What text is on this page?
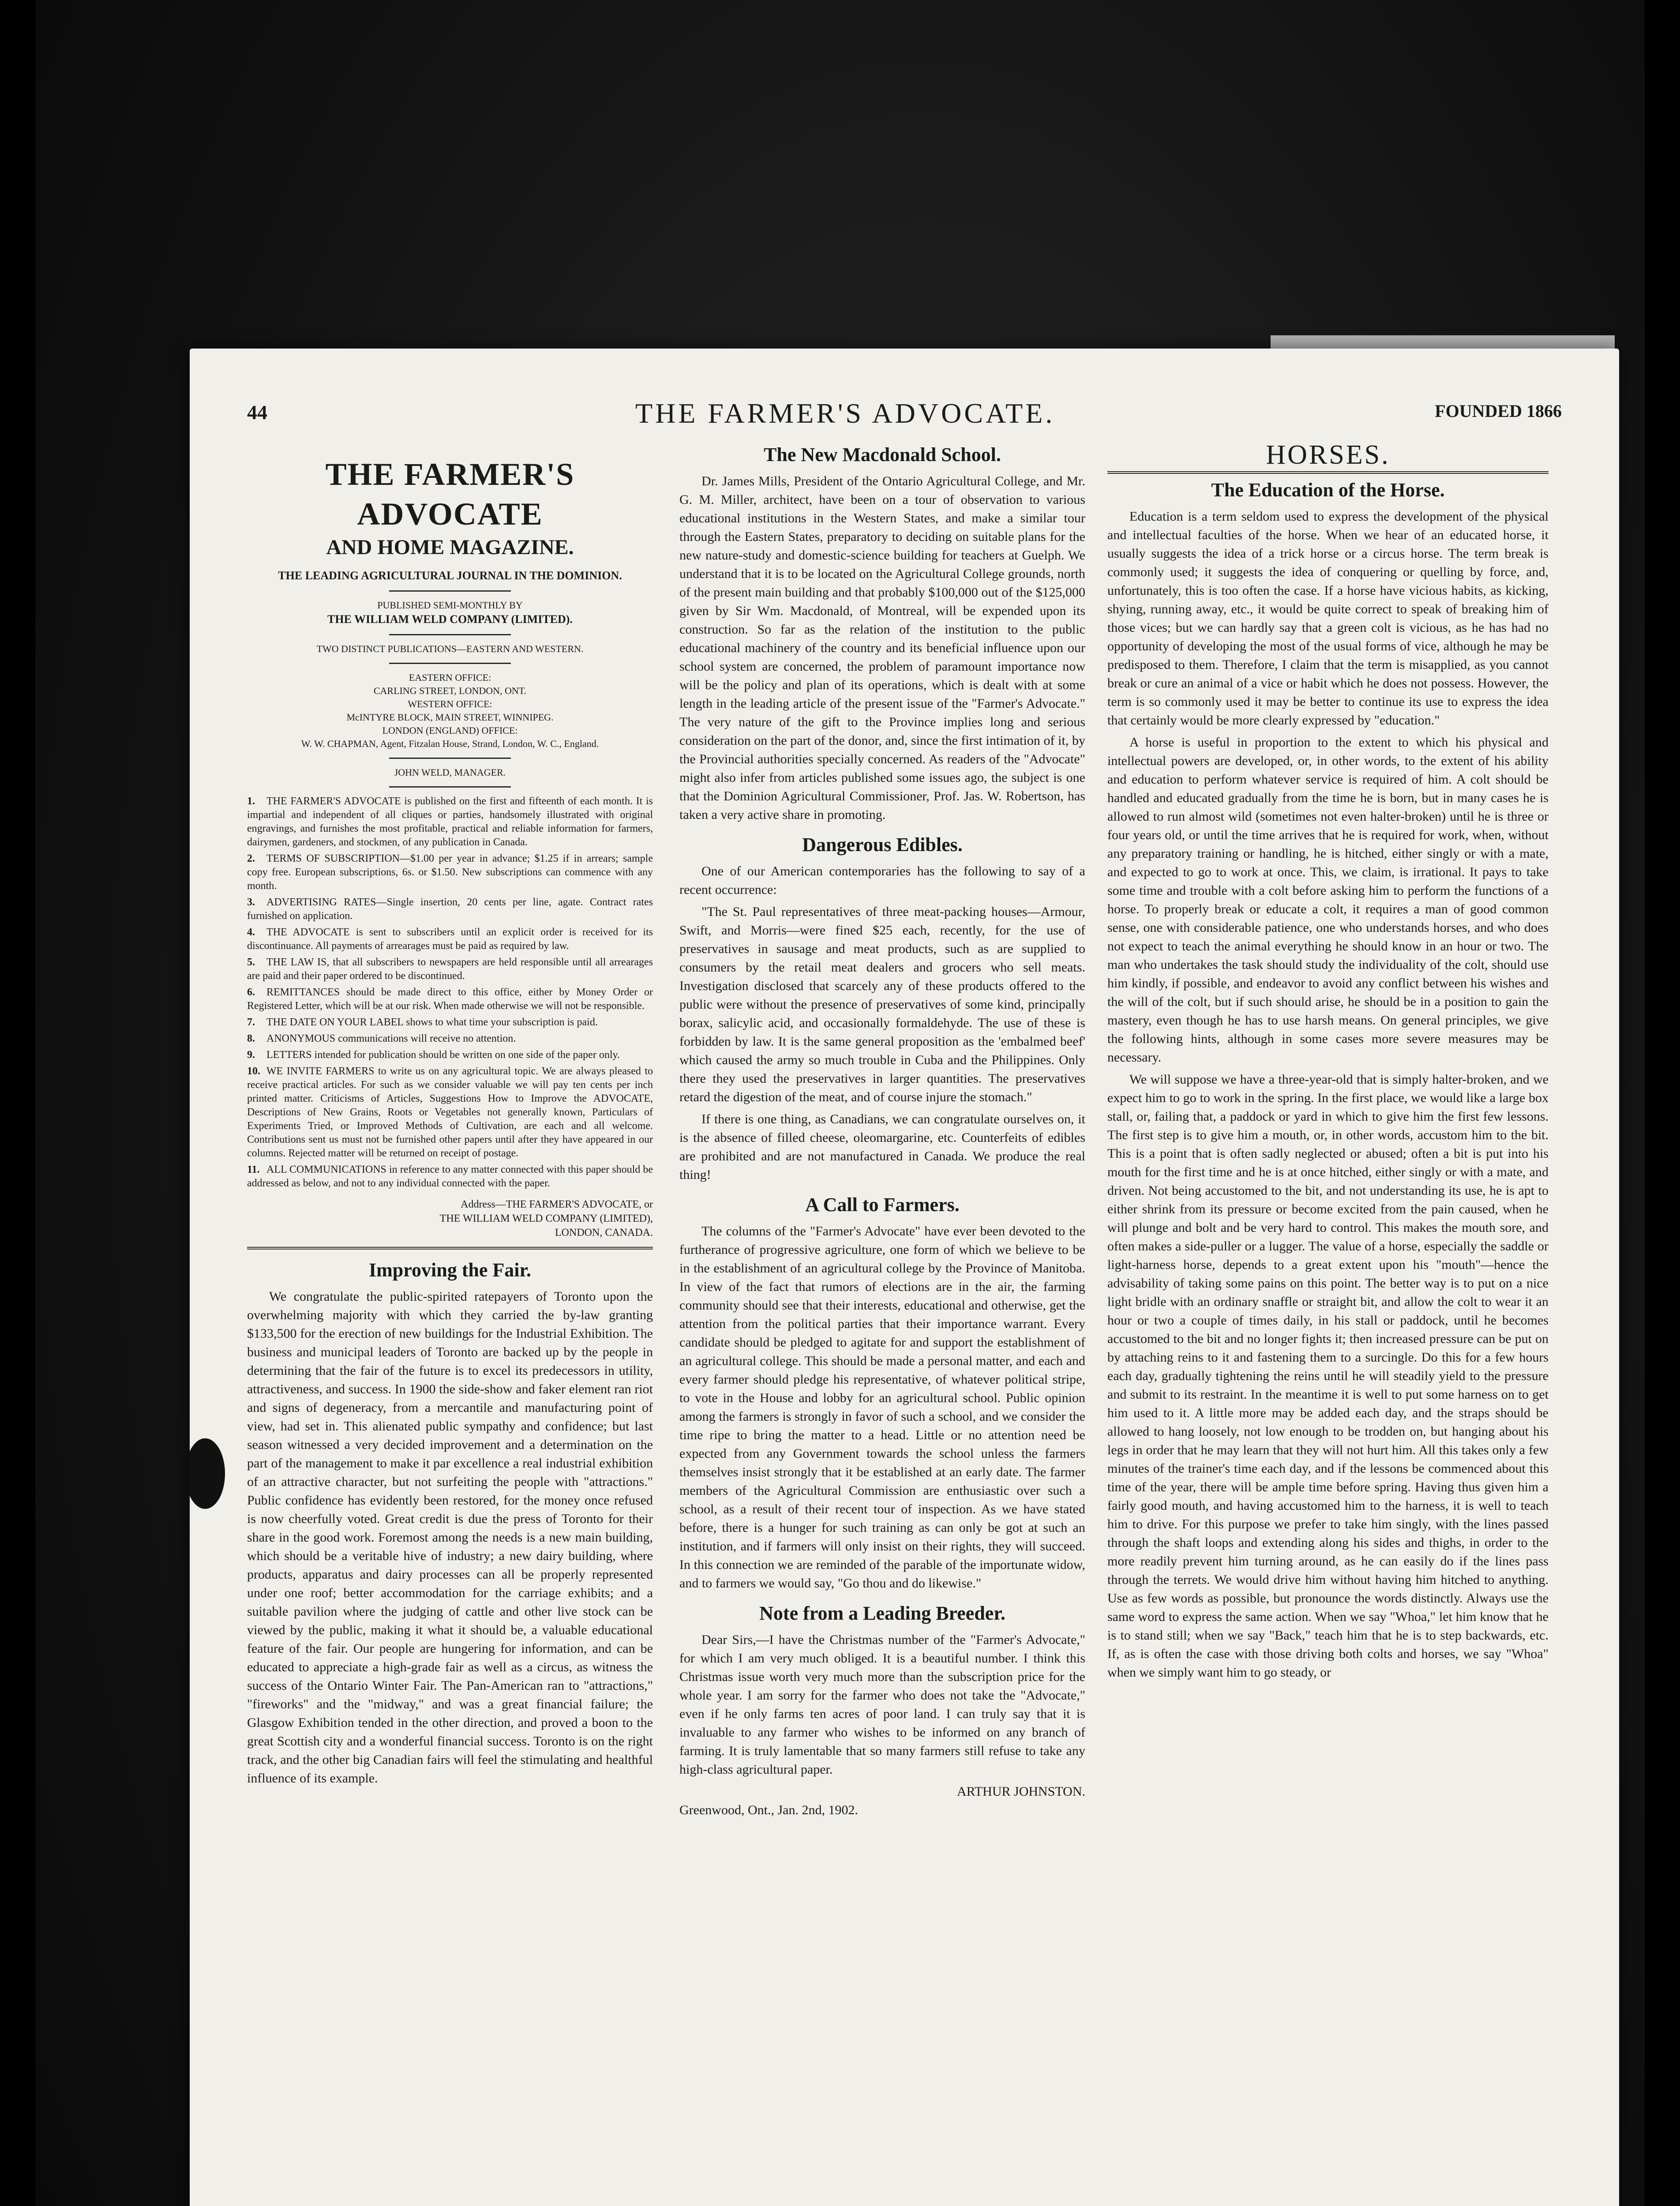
44	THE FARMER'S ADVOCATE.	FOUNDED 1866
THE FARMER'S ADVOCATE
AND HOME MAGAZINE.
THE LEADING AGRICULTURAL JOURNAL IN THE DOMINION.
PUBLISHED SEMI-MONTHLY BY
THE WILLIAM WELD COMPANY (LIMITED).
TWO DISTINCT PUBLICATIONS—EASTERN AND WESTERN.
EASTERN OFFICE:
CARLING STREET, LONDON, ONT.
WESTERN OFFICE:
McINTYRE BLOCK, MAIN STREET, WINNIPEG.
LONDON (ENGLAND) OFFICE:
W. W. CHAPMAN, Agent, Fitzalan House, Strand, London, W. C., England.
JOHN WELD, MANAGER.
1. THE FARMER'S ADVOCATE is published on the first and fifteenth of each month. It is impartial and independent of all cliques or parties, handsomely illustrated with original engravings, and furnishes the most profitable, practical and reliable information for farmers, dairymen, gardeners, and stockmen, of any publication in Canada.
2. TERMS OF SUBSCRIPTION—$1.00 per year in advance; $1.25 if in arrears; sample copy free. European subscriptions, 6s. or $1.50. New subscriptions can commence with any month.
3. ADVERTISING RATES—Single insertion, 20 cents per line, agate. Contract rates furnished on application.
4. THE ADVOCATE is sent to subscribers until an explicit order is received for its discontinuance. All payments of arrearages must be paid as required by law.
5. THE LAW IS, that all subscribers to newspapers are held responsible until all arrearages are paid and their paper ordered to be discontinued.
6. REMITTANCES should be made direct to this office, either by Money Order or Registered Letter, which will be at our risk. When made otherwise we will not be responsible.
7. THE DATE ON YOUR LABEL shows to what time your subscription is paid.
8. ANONYMOUS communications will receive no attention.
9. LETTERS intended for publication should be written on one side of the paper only.
10. WE INVITE FARMERS to write us on any agricultural topic. We are always pleased to receive practical articles. For such as we consider valuable we will pay ten cents per inch printed matter. Criticisms of Articles, Suggestions How to Improve the ADVOCATE, Descriptions of New Grains, Roots or Vegetables not generally known, Particulars of Experiments Tried, or Improved Methods of Cultivation, are each and all welcome. Contributions sent us must not be furnished other papers until after they have appeared in our columns. Rejected matter will be returned on receipt of postage.
11. ALL COMMUNICATIONS in reference to any matter connected with this paper should be addressed as below, and not to any individual connected with the paper.
Address—THE FARMER'S ADVOCATE, or
THE WILLIAM WELD COMPANY (LIMITED),
LONDON, CANADA.
Improving the Fair.

We congratulate the public-spirited ratepayers of Toronto upon the overwhelming majority with which they carried the by-law granting $133,500 for the erection of new buildings for the Industrial Exhibition. The business and municipal leaders of Toronto are backed up by the people in determining that the fair of the future is to excel its predecessors in utility, attractiveness, and success. In 1900 the side-show and faker element ran riot and signs of degeneracy, from a mercantile and manufacturing point of view, had set in. This alienated public sympathy and confidence; but last season witnessed a very decided improvement and a determination on the part of the management to make it par excellence a real industrial exhibition of an attractive character, but not surfeiting the people with "attractions." Public confidence has evidently been restored, for the money once refused is now cheerfully voted. Great credit is due the press of Toronto for their share in the good work. Foremost among the needs is a new main building, which should be a veritable hive of industry; a new dairy building, where products, apparatus and dairy processes can all be properly represented under one roof; better accommodation for the carriage exhibits; and a suitable pavilion where the judging of cattle and other live stock can be viewed by the public, making it what it should be, a valuable educational feature of the fair. Our people are hungering for information, and can be educated to appreciate a high-grade fair as well as a circus, as witness the success of the Ontario Winter Fair. The Pan-American ran to "attractions," "fireworks" and the "midway," and was a great financial failure; the Glasgow Exhibition tended in the other direction, and proved a boon to the great Scottish city and a wonderful financial success. Toronto is on the right track, and the other big Canadian fairs will feel the stimulating and healthful influence of its example.

The New Macdonald School.

Dr. James Mills, President of the Ontario Agricultural College, and Mr. G. M. Miller, architect, have been on a tour of observation to various educational institutions in the Western States, and make a similar tour through the Eastern States, preparatory to deciding on suitable plans for the new nature-study and domestic-science building for teachers at Guelph. We understand that it is to be located on the Agricultural College grounds, north of the present main building and that probably $100,000 out of the $125,000 given by Sir Wm. Macdonald, of Montreal, will be expended upon its construction. So far as the relation of the institution to the public educational machinery of the country and its beneficial influence upon our school system are concerned, the problem of paramount importance now will be the policy and plan of its operations, which is dealt with at some length in the leading article of the present issue of the "Farmer's Advocate." The very nature of the gift to the Province implies long and serious consideration on the part of the donor, and, since the first intimation of it, by the Provincial authorities specially concerned. As readers of the "Advocate" might also infer from articles published some issues ago, the subject is one that the Dominion Agricultural Commissioner, Prof. Jas. W. Robertson, has taken a very active share in promoting.

Dangerous Edibles.

One of our American contemporaries has the following to say of a recent occurrence:

"The St. Paul representatives of three meat-packing houses—Armour, Swift, and Morris—were fined $25 each, recently, for the use of preservatives in sausage and meat products, such as are supplied to consumers by the retail meat dealers and grocers who sell meats. Investigation disclosed that scarcely any of these products offered to the public were without the presence of preservatives of some kind, principally borax, salicylic acid, and occasionally formaldehyde. The use of these is forbidden by law. It is the same general proposition as the 'embalmed beef' which caused the army so much trouble in Cuba and the Philippines. Only there they used the preservatives in larger quantities. The preservatives retard the digestion of the meat, and of course injure the stomach."

If there is one thing, as Canadians, we can congratulate ourselves on, it is the absence of filled cheese, oleomargarine, etc. Counterfeits of edibles are prohibited and are not manufactured in Canada. We produce the real thing!

A Call to Farmers.

The columns of the "Farmer's Advocate" have ever been devoted to the furtherance of progressive agriculture, one form of which we believe to be in the establishment of an agricultural college by the Province of Manitoba. In view of the fact that rumors of elections are in the air, the farming community should see that their interests, educational and otherwise, get the attention from the political parties that their importance warrant. Every candidate should be pledged to agitate for and support the establishment of an agricultural college. This should be made a personal matter, and each and every farmer should pledge his representative, of whatever political stripe, to vote in the House and lobby for an agricultural school. Public opinion among the farmers is strongly in favor of such a school, and we consider the time ripe to bring the matter to a head. Little or no attention need be expected from any Government towards the school unless the farmers themselves insist strongly that it be established at an early date. The farmer members of the Agricultural Commission are enthusiastic over such a school, as a result of their recent tour of inspection. As we have stated before, there is a hunger for such training as can only be got at such an institution, and if farmers will only insist on their rights, they will succeed. In this connection we are reminded of the parable of the importunate widow, and to farmers we would say, "Go thou and do likewise."

Note from a Leading Breeder.

Dear Sirs,—I have the Christmas number of the "Farmer's Advocate," for which I am very much obliged. It is a beautiful number. I think this Christmas issue worth very much more than the subscription price for the whole year. I am sorry for the farmer who does not take the "Advocate," even if he only farms ten acres of poor land. I can truly say that it is invaluable to any farmer who wishes to be informed on any branch of farming. It is truly lamentable that so many farmers still refuse to take any high-class agricultural paper.

ARTHUR JOHNSTON.
Greenwood, Ont., Jan. 2nd, 1902.
HORSES.
The Education of the Horse.

Education is a term seldom used to express the development of the physical and intellectual faculties of the horse. When we hear of an educated horse, it usually suggests the idea of a trick horse or a circus horse. The term break is commonly used; it suggests the idea of conquering or quelling by force, and, unfortunately, this is too often the case. If a horse have vicious habits, as kicking, shying, running away, etc., it would be quite correct to speak of breaking him of those vices; but we can hardly say that a green colt is vicious, as he has had no opportunity of developing the most of the usual forms of vice, although he may be predisposed to them. Therefore, I claim that the term is misapplied, as you cannot break or cure an animal of a vice or habit which he does not possess. However, the term is so commonly used it may be better to continue its use to express the idea that certainly would be more clearly expressed by "education."

A horse is useful in proportion to the extent to which his physical and intellectual powers are developed, or, in other words, to the extent of his ability and education to perform whatever service is required of him. A colt should be handled and educated gradually from the time he is born, but in many cases he is allowed to run almost wild (sometimes not even halter-broken) until he is three or four years old, or until the time arrives that he is required for work, when, without any preparatory training or handling, he is hitched, either singly or with a mate, and expected to go to work at once. This, we claim, is irrational. It pays to take some time and trouble with a colt before asking him to perform the functions of a horse. To properly break or educate a colt, it requires a man of good common sense, one with considerable patience, one who understands horses, and who does not expect to teach the animal everything he should know in an hour or two. The man who undertakes the task should study the individuality of the colt, should use him kindly, if possible, and endeavor to avoid any conflict between his wishes and the will of the colt, but if such should arise, he should be in a position to gain the mastery, even though he has to use harsh means. On general principles, we give the following hints, although in some cases more severe measures may be necessary.

We will suppose we have a three-year-old that is simply halter-broken, and we expect him to go to work in the spring. In the first place, we would like a large box stall, or, failing that, a paddock or yard in which to give him the first few lessons. The first step is to give him a mouth, or, in other words, accustom him to the bit. This is a point that is often sadly neglected or abused; often a bit is put into his mouth for the first time and he is at once hitched, either singly or with a mate, and driven. Not being accustomed to the bit, and not understanding its use, he is apt to either shrink from its pressure or become excited from the pain caused, when he will plunge and bolt and be very hard to control. This makes the mouth sore, and often makes a side-puller or a lugger. The value of a horse, especially the saddle or light-harness horse, depends to a great extent upon his "mouth"—hence the advisability of taking some pains on this point. The better way is to put on a nice light bridle with an ordinary snaffle or straight bit, and allow the colt to wear it an hour or two a couple of times daily, in his stall or paddock, until he becomes accustomed to the bit and no longer fights it; then increased pressure can be put on by attaching reins to it and fastening them to a surcingle. Do this for a few hours each day, gradually tightening the reins until he will steadily yield to the pressure and submit to its restraint. In the meantime it is well to put some harness on to get him used to it. A little more may be added each day, and the straps should be allowed to hang loosely, not low enough to be trodden on, but hanging about his legs in order that he may learn that they will not hurt him. All this takes only a few minutes of the trainer's time each day, and if the lessons be commenced about this time of the year, there will be ample time before spring. Having thus given him a fairly good mouth, and having accustomed him to the harness, it is well to teach him to drive. For this purpose we prefer to take him singly, with the lines passed through the shaft loops and extending along his sides and thighs, in order to the more readily prevent him turning around, as he can easily do if the lines pass through the terrets. We would drive him without having him hitched to anything. Use as few words as possible, but pronounce the words distinctly. Always use the same word to express the same action. When we say "Whoa," let him know that he is to stand still; when we say "Back," teach him that he is to step backwards, etc. If, as is often the case with those driving both colts and horses, we say "Whoa" when we simply want him to go steady, or
